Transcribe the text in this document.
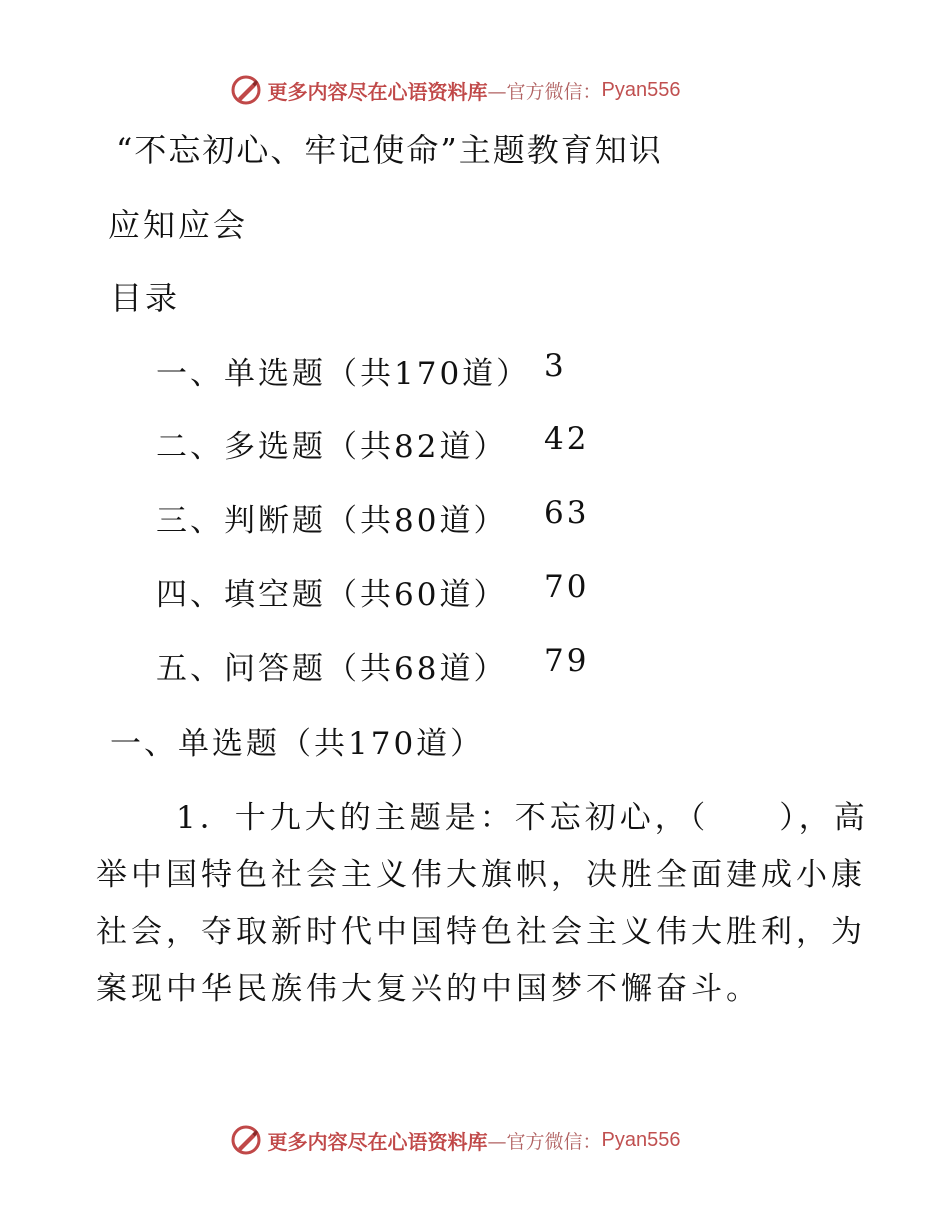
更多内容尽在心语资料库 —官方微信： Pyan556
“不忘初心、牢记使命”主题教育知识
应知应会
目录
一、单选题（共170道） 3
二、多选题（共82道） 42
三、判断题（共80道） 63
四、填空题（共60道） 70
五、问答题（共68道） 79
一、单选题（共170道）
1．十九大的主题是：不忘初心，（　　），高
举中国特色社会主义伟大旗帜，决胜全面建成小康
社会，夺取新时代中国特色社会主义伟大胜利，为
案现中华民族伟大复兴的中国梦不懈奋斗。
更多内容尽在心语资料库 —官方微信： Pyan556
